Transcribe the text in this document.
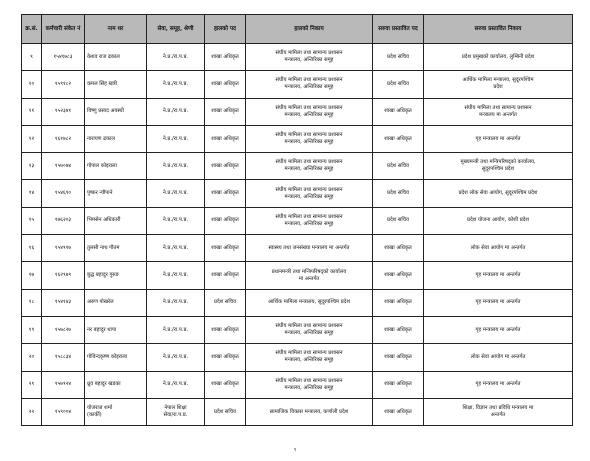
क्र.सं.	कर्मचारी संकेत नं	नाम थर	सेवा, समूह, श्रेणी	हालको पद	हालको निकाय	सरुवा प्रस्तावित पद	सरुवा प्रस्तावित निकाय
९	१५४१७८३	केशव राज ढकाल	ने.प्र./रा.प.प्र.	शाखा अधिकृत	संघीय मामिला तथा सामान्य प्रशासन
मन्त्रालय, अन्तिरिक्त समूह	प्रदेश सचिव	प्रदेश प्रमुखको कार्यालय, लुम्बिनी प्रदेश
१०	१५९१८२	कमल सिंह खत्री	ने.प्र./रा.प.प्र.	शाखा अधिकृत	संघीय मामिला तथा सामान्य प्रशासन
मन्त्रालय, अन्तिरिक्त समूह	प्रदेश सचिव	आर्थिक मामिला मन्त्रालय, सुदूरपश्चिम
प्रदेश
११	१५२३४१	विष्णु प्रसाद अवस्थी	ने.प्र./रा.प.प्र.	शाखा अधिकृत	संघीय मामिला तथा सामान्य प्रशासन
मन्त्रालय, अन्तिरिक्त समूह	शाखा अधिकृत	संघीय मामिला तथा सामान्य प्रशासन
मन्त्रालय मा अन्तर्गत
१२	१६१७८२	नारायण ढकाल	ने.प्र./रा.प.प्र.	शाखा अधिकृत	संघीय मामिला तथा सामान्य प्रशासन
मन्त्रालय, अन्तिरिक्त समूह	शाखा अधिकृत	गृह मन्त्रालय मा अन्तर्गत
१३	१५७०७४	गोपाल कोइराला	ने.प्र./रा.प.प्र.	शाखा अधिकृत	संघीय मामिला तथा सामान्य प्रशासन
मन्त्रालय, अन्तिरिक्त समूह	प्रदेश सचिव	मुख्यमन्त्री तथा मन्त्रिपरिषद्को कार्यालय,
सुदूरपश्चिम प्रदेश
१४	१५४६९०	पुष्कर न्यौपाने	ने.प्र./रा.प.प्र.	शाखा अधिकृत	संघीय मामिला तथा सामान्य प्रशासन
मन्त्रालय, अन्तिरिक्त समूह	प्रदेश सचिव	प्रदेश लोक सेवा आयोग, सुदूरपश्चिम प्रदेश
१५	१७६२०३	भिमसेन अधिकारी	ने.प्र./रा.प.प्र.	शाखा अधिकृत	संघीय मामिला तथा सामान्य प्रशासन
मन्त्रालय, अन्तिरिक्त समूह	प्रदेश सचिव	प्रदेश योजना आयोग, कोशी प्रदेश
१६	१५४९१७	तुलसी नाथ गौतम	ने.प्र./रा.प.प्र.	शाखा अधिकृत	स्वास्थ्य तथा जनसंख्या मन्त्रालय मा अन्तर्गत	शाखा अधिकृत	लोक सेवा आयोग मा अन्तर्गत
१७	१६२९७९	बुद्ध बहादुर गुरुङ	ने.प्र./रा.प.प्र.	शाखा अधिकृत	प्रधानमन्त्री तथा मन्त्रिपरिषद्को कार्यालय
मा अन्तर्गत	शाखा अधिकृत	गृह मन्त्रालय मा अन्तर्गत
१८	१५४१४३	अरुण पोखरेल	ने.प्र./रा.प.प्र.	प्रदेश सचिव	आर्थिक मामिला मन्त्रालय, सुदूरपश्चिम प्रदेश	शाखा अधिकृत	गृह मन्त्रालय मा अन्तर्गत
१९	१५७८२७	नर बहादुर थापा	ने.प्र./रा.प.प्र.	शाखा अधिकृत	संघीय मामिला तथा सामान्य प्रशासन
मन्त्रालय, अन्तिरिक्त समूह	शाखा अधिकृत	गृह मन्त्रालय मा अन्तर्गत
२०	१५८८३४	गोविन्दकृष्ण कोइराला	ने.प्र./रा.प.प्र.	शाखा अधिकृत	संघीय मामिला तथा सामान्य प्रशासन
मन्त्रालय, अन्तिरिक्त समूह	शाखा अधिकृत	लोक सेवा आयोग मा अन्तर्गत
२१	१५७९२४	ध्रुव बहादुर खडका	ने.प्र./रा.प.प्र.	शाखा अधिकृत	संघीय मामिला तथा सामान्य प्रशासन
मन्त्रालय, अन्तिरिक्त समूह	शाखा अधिकृत	गृह मन्त्रालय मा अन्तर्गत
२२	१५९००४	योजराज शर्मा
(कार्की)	नेपाल शिक्षा
सेवा/रा.प.प्र.	प्रदेश सचिव	सामाजिक विकास मन्त्रालय, कर्णाली प्रदेश	शाखा अधिकृत	शिक्षा, विज्ञान तथा प्रविधि मन्त्रालय मा
अन्तर्गत
१
